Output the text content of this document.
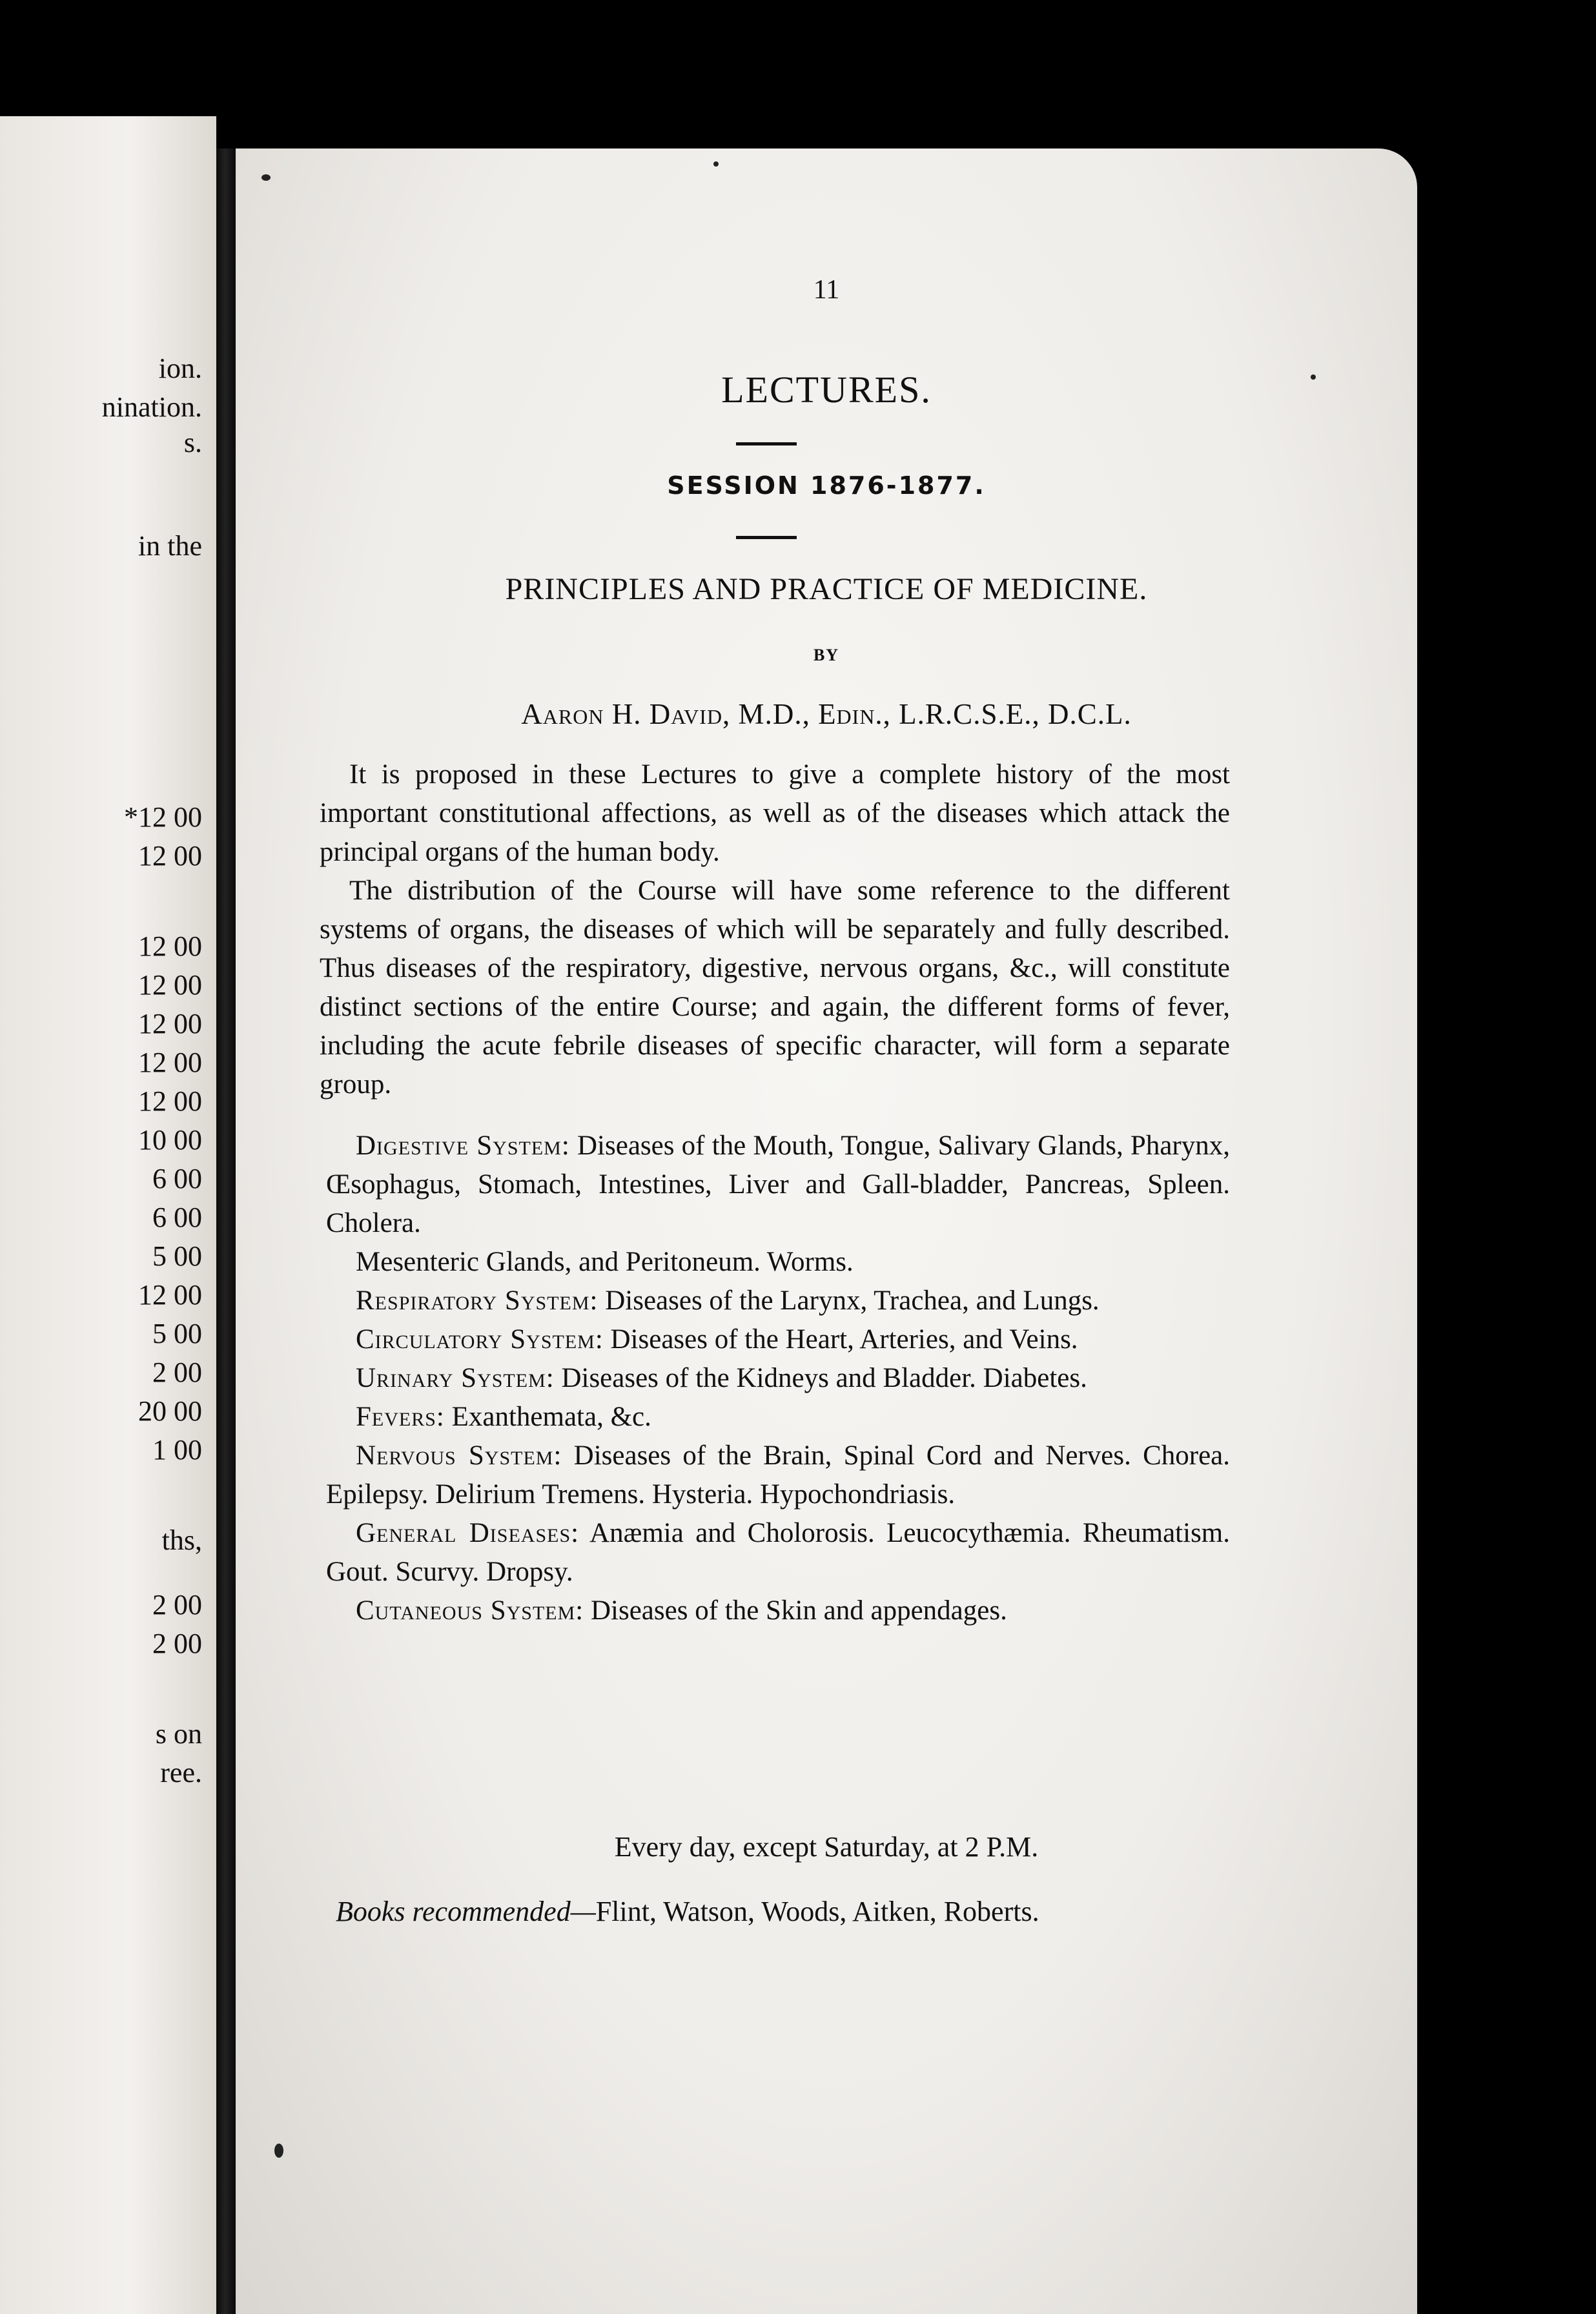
ion.
nination.
s.
in the
*12 00
12 00
12 00
12 00
12 00
12 00
12 00
10 00
6 00
6 00
5 00
12 00
5 00
2 00
20 00
1 00
ths,
2 00
2 00
s on
ree.
11
LECTURES.
SESSION 1876-1877.
PRINCIPLES AND PRACTICE OF MEDICINE.
BY
Aaron H. David, M.D., Edin., L.R.C.S.E., D.C.L.

It is proposed in these Lectures to give a complete history of the most important constitutional affections, as well as of the diseases which attack the principal organs of the human body.

The distribution of the Course will have some reference to the different systems of organs, the diseases of which will be separately and fully described. Thus diseases of the respiratory, digestive, nervous organs, &c., will constitute distinct sections of the entire Course; and again, the different forms of fever, including the acute febrile diseases of specific character, will form a separate group.

Digestive System: Diseases of the Mouth, Tongue, Salivary Glands, Pharynx, Œsophagus, Stomach, Intestines, Liver and Gall-bladder, Pancreas, Spleen. Cholera.

Mesenteric Glands, and Peritoneum. Worms.

Respiratory System: Diseases of the Larynx, Trachea, and Lungs.

Circulatory System: Diseases of the Heart, Arteries, and Veins.

Urinary System: Diseases of the Kidneys and Bladder. Diabetes.

Fevers: Exanthemata, &c.

Nervous System: Diseases of the Brain, Spinal Cord and Nerves. Chorea. Epilepsy. Delirium Tremens. Hysteria. Hypochondriasis.

General Diseases: Anæmia and Cholorosis. Leucocythæmia. Rheumatism. Gout. Scurvy. Dropsy.

Cutaneous System: Diseases of the Skin and appendages.

Every day, except Saturday, at 2 P.M.
Books recommended—Flint, Watson, Woods, Aitken, Roberts.
